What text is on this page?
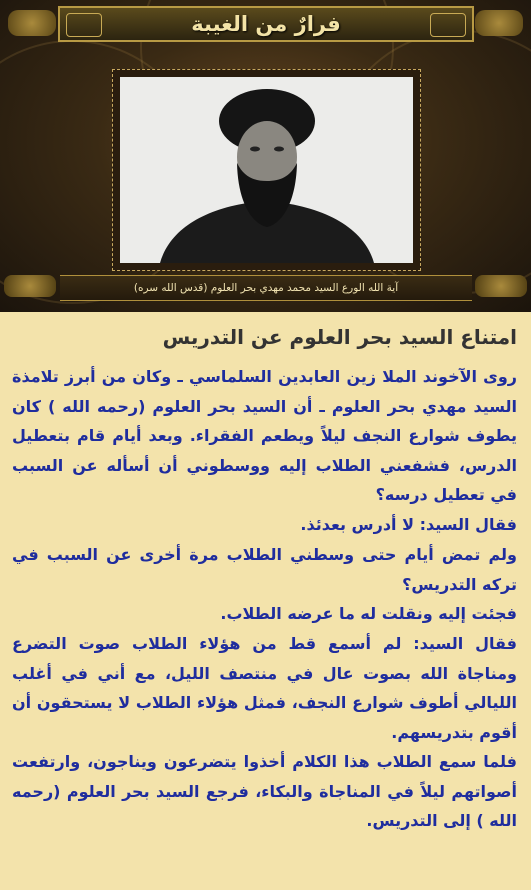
فرارٌ من الغيبة
آية الله الورع السيد محمد مهدي بحر العلوم (قدس الله سره)
امتناع السيد بحر العلوم عن التدريس

روى الآخوند الملا زين العابدين السلماسي ـ وكان من أبرز تلامذة السيد مهدي بحر العلوم ـ أن السيد بحر العلوم (رحمه الله ) كان يطوف شوارع النجف ليلاً ويطعم الفقراء. وبعد أيام قام بتعطيل الدرس، فشفعني الطلاب إليه ووسطوني أن أسأله عن السبب في تعطيل درسه؟

فقال السيد: لا أدرس بعدئذ.

ولم تمض أيام حتى وسطني الطلاب مرة أخرى عن السبب في تركه التدريس؟

فجئت إليه ونقلت له ما عرضه الطلاب.

فقال السيد: لم أسمع قط من هؤلاء الطلاب صوت التضرع ومناجاة الله بصوت عال في منتصف الليل، مع أني في أغلب الليالي أطوف شوارع النجف، فمثل هؤلاء الطلاب لا يستحقون أن أقوم بتدريسهم.

فلما سمع الطلاب هذا الكلام أخذوا يتضرعون ويناجون، وارتفعت أصواتهم ليلاً في المناجاة والبكاء، فرجع السيد بحر العلوم (رحمه الله ) إلى التدريس.
